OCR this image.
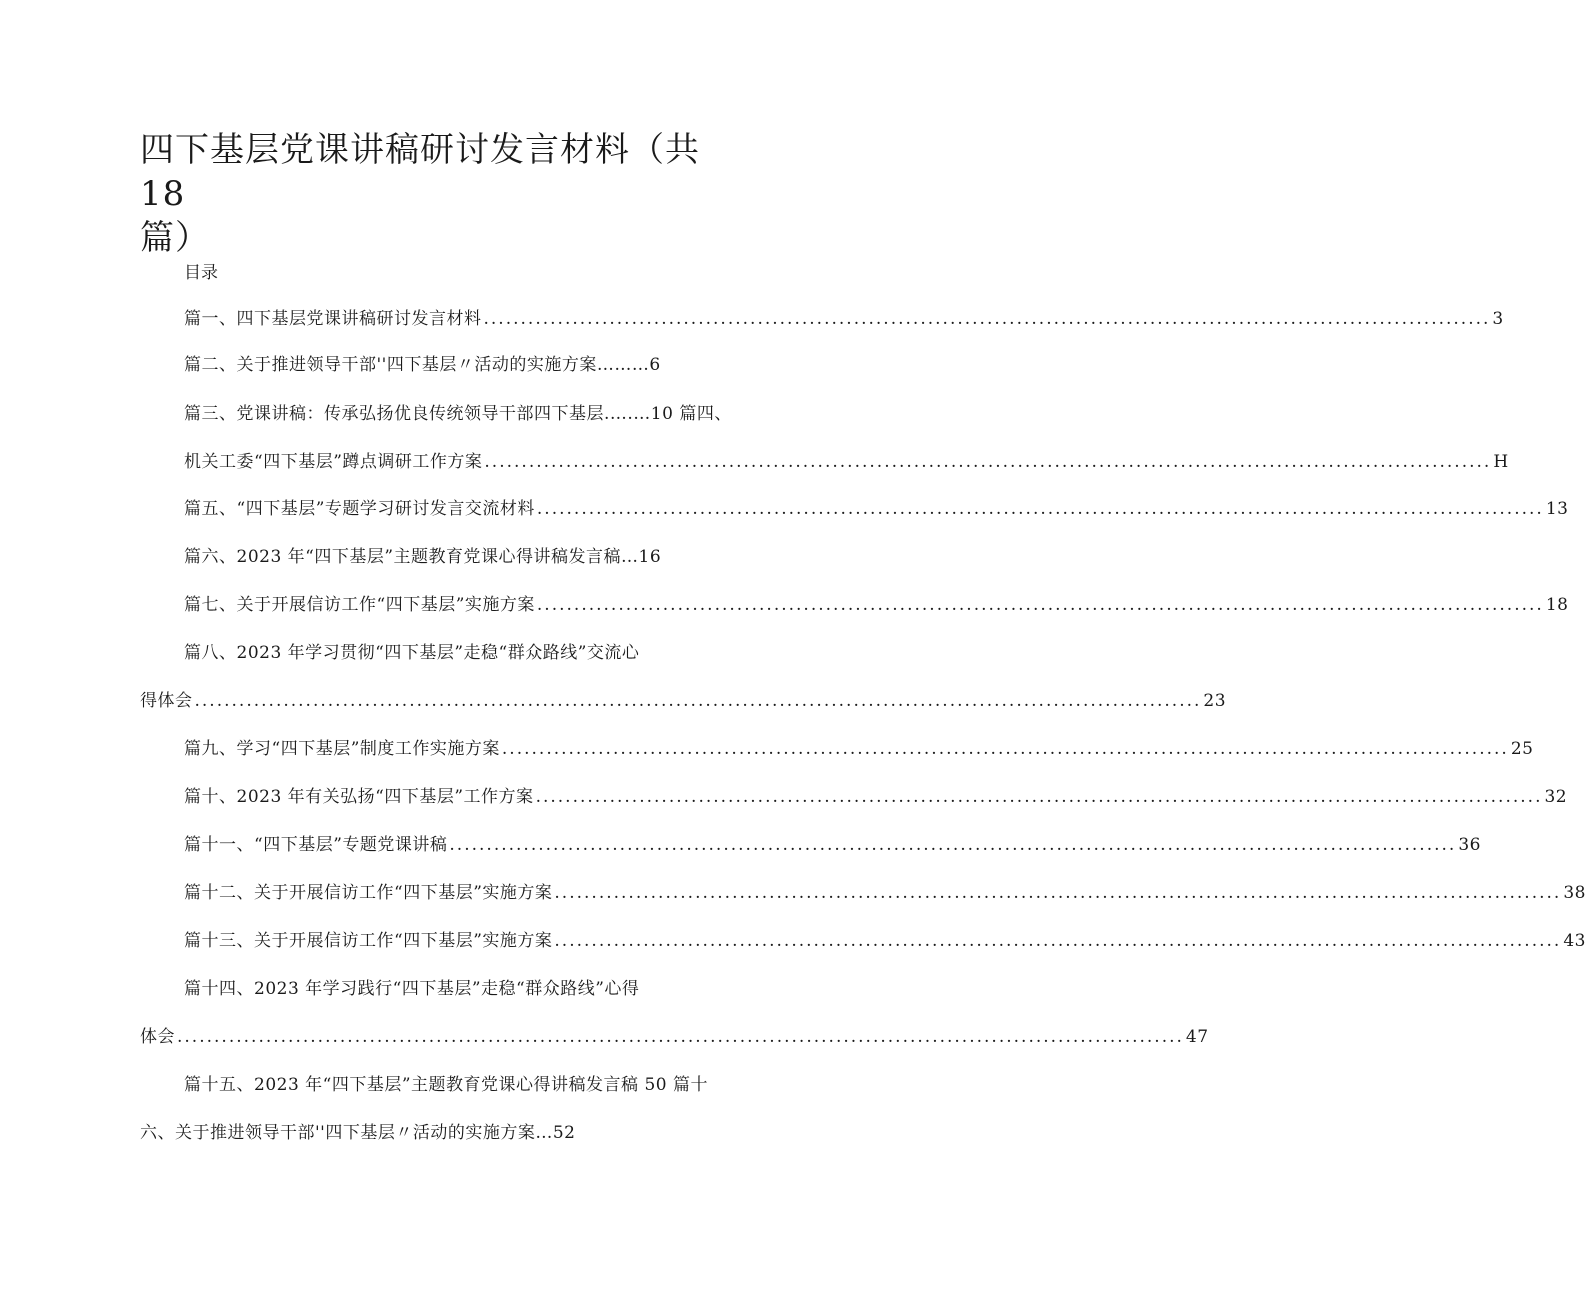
四下基层党课讲稿研讨发言材料（共 18
篇）
目录
篇一、四下基层党课讲稿研讨发言材料 ........................................................................................................................................ 3
篇二、关于推进领导干部''四下基层〃活动的实施方案………6
篇三、党课讲稿：传承弘扬优良传统领导干部四下基层.….…10 篇四、
机关工委“四下基层”蹲点调研工作方案 ........................................................................................................................................ H
篇五、“四下基层”专题学习研讨发言交流材料 ........................................................................................................................................ 13
篇六、2023 年“四下基层”主题教育党课心得讲稿发言稿…16
篇七、关于开展信访工作“四下基层”实施方案 ........................................................................................................................................ 18
篇八、2023 年学习贯彻“四下基层”走稳“群众路线”交流心
得体会 ........................................................................................................................................ 23
篇九、学习“四下基层”制度工作实施方案 ........................................................................................................................................ 25
篇十、2023 年有关弘扬“四下基层”工作方案 ........................................................................................................................................ 32
篇十一、“四下基层”专题党课讲稿 ........................................................................................................................................ 36
篇十二、关于开展信访工作“四下基层”实施方案 ........................................................................................................................................ 38
篇十三、关于开展信访工作“四下基层”实施方案 ........................................................................................................................................ 43
篇十四、2023 年学习践行“四下基层”走稳“群众路线”心得
体会 ........................................................................................................................................ 47
篇十五、2023 年“四下基层”主题教育党课心得讲稿发言稿 50 篇十
六、关于推进领导干部''四下基层〃活动的实施方案…52
